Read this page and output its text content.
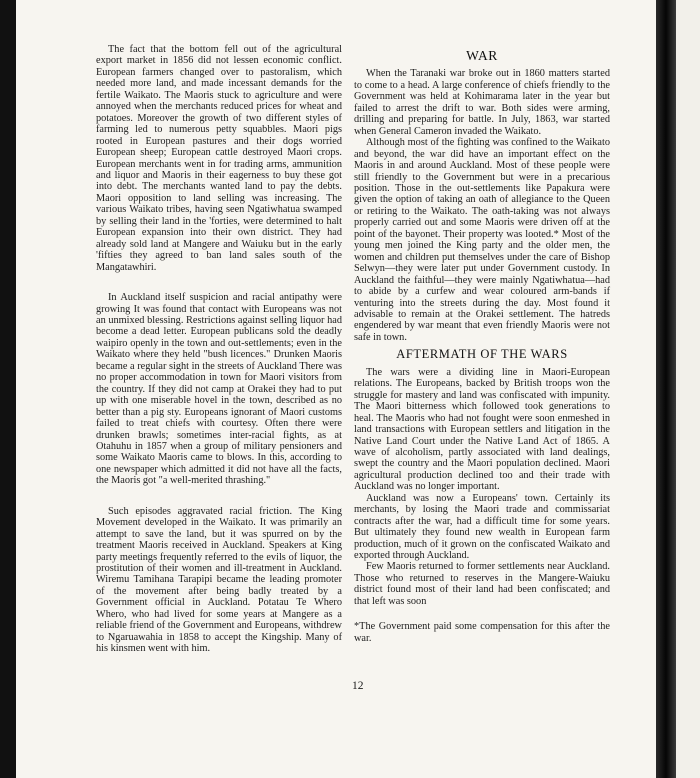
The fact that the bottom fell out of the agricultural export market in 1856 did not lessen economic conflict. European farmers changed over to pastoralism, which needed more land, and made incessant demands for the fertile Waikato. The Maoris stuck to agriculture and were annoyed when the merchants reduced prices for wheat and potatoes. Moreover the growth of two different styles of farming led to numerous petty squabbles. Maori pigs rooted in European pastures and their dogs worried European sheep; European cattle destroyed Maori crops. European merchants went in for trading arms, ammunition and liquor and Maoris in their eagerness to buy these got into debt. The merchants wanted land to pay the debts. Maori opposition to land selling was increasing. The various Waikato tribes, having seen Ngatiwhatua swamped by selling their land in the 'forties, were determined to halt European expansion into their own district. They had already sold land at Mangere and Waiuku but in the early 'fifties they agreed to ban land sales south of the Mangatawhiri.

In Auckland itself suspicion and racial antipathy were growing It was found that contact with Europeans was not an unmixed blessing. Restrictions against selling liquor had become a dead letter. European publicans sold the deadly waipiro openly in the town and out-settlements; even in the Waikato where they held "bush licences." Drunken Maoris became a regular sight in the streets of Auckland There was no proper accommodation in town for Maori visitors from the country. If they did not camp at Orakei they had to put up with one miserable hovel in the town, described as no better than a pig sty. Europeans ignorant of Maori customs failed to treat chiefs with courtesy. Often there were drunken brawls; sometimes inter-racial fights, as at Otahuhu in 1857 when a group of military pensioners and some Waikato Maoris came to blows. In this, according to one newspaper which admitted it did not have all the facts, the Maoris got "a well-merited thrashing."

Such episodes aggravated racial friction. The King Movement developed in the Waikato. It was primarily an attempt to save the land, but it was spurred on by the treatment Maoris received in Auckland. Speakers at King party meetings frequently referred to the evils of liquor, the prostitution of their women and ill-treatment in Auckland. Wiremu Tamihana Tarapipi became the leading promoter of the movement after being badly treated by a Government official in Auckland. Potatau Te Whero Whero, who had lived for some years at Mangere as a reliable friend of the Government and Europeans, withdrew to Ngaruawahia in 1858 to accept the Kingship. Many of his kinsmen went with him.

WAR

When the Taranaki war broke out in 1860 matters started to come to a head. A large conference of chiefs friendly to the Government was held at Kohimarama later in the year but failed to arrest the drift to war. Both sides were arming, drilling and preparing for battle. In July, 1863, war started when General Cameron invaded the Waikato.

Although most of the fighting was confined to the Waikato and beyond, the war did have an important effect on the Maoris in and around Auckland. Most of these people were still friendly to the Government but were in a precarious position. Those in the out-settlements like Papakura were given the option of taking an oath of allegiance to the Queen or retiring to the Waikato. The oath-taking was not always properly carried out and some Maoris were driven off at the point of the bayonet. Their property was looted.* Most of the young men joined the King party and the older men, the women and children put themselves under the care of Bishop Selwyn—they were later put under Government custody. In Auckland the faithful—they were mainly Ngatiwhatua—had to abide by a curfew and wear coloured arm-bands if venturing into the streets during the day. Most found it advisable to remain at the Orakei settlement. The hatreds engendered by war meant that even friendly Maoris were not safe in town.

AFTERMATH OF THE WARS

The wars were a dividing line in Maori-European relations. The Europeans, backed by British troops won the struggle for mastery and land was confiscated with impunity. The Maori bitterness which followed took generations to heal. The Maoris who had not fought were soon enmeshed in land transactions with European settlers and litigation in the Native Land Court under the Native Land Act of 1865. A wave of alcoholism, partly associated with land dealings, swept the country and the Maori population declined. Maori agricultural production declined too and their trade with Auckland was no longer important.

Auckland was now a Europeans' town. Certainly its merchants, by losing the Maori trade and commissariat contracts after the war, had a difficult time for some years. But ultimately they found new wealth in European farm production, much of it grown on the confiscated Waikato and exported through Auckland.

Few Maoris returned to former settlements near Auckland. Those who returned to reserves in the Mangere-Waiuku district found most of their land had been confiscated; and that left was soon

*The Government paid some compensation for this after the war.

12
